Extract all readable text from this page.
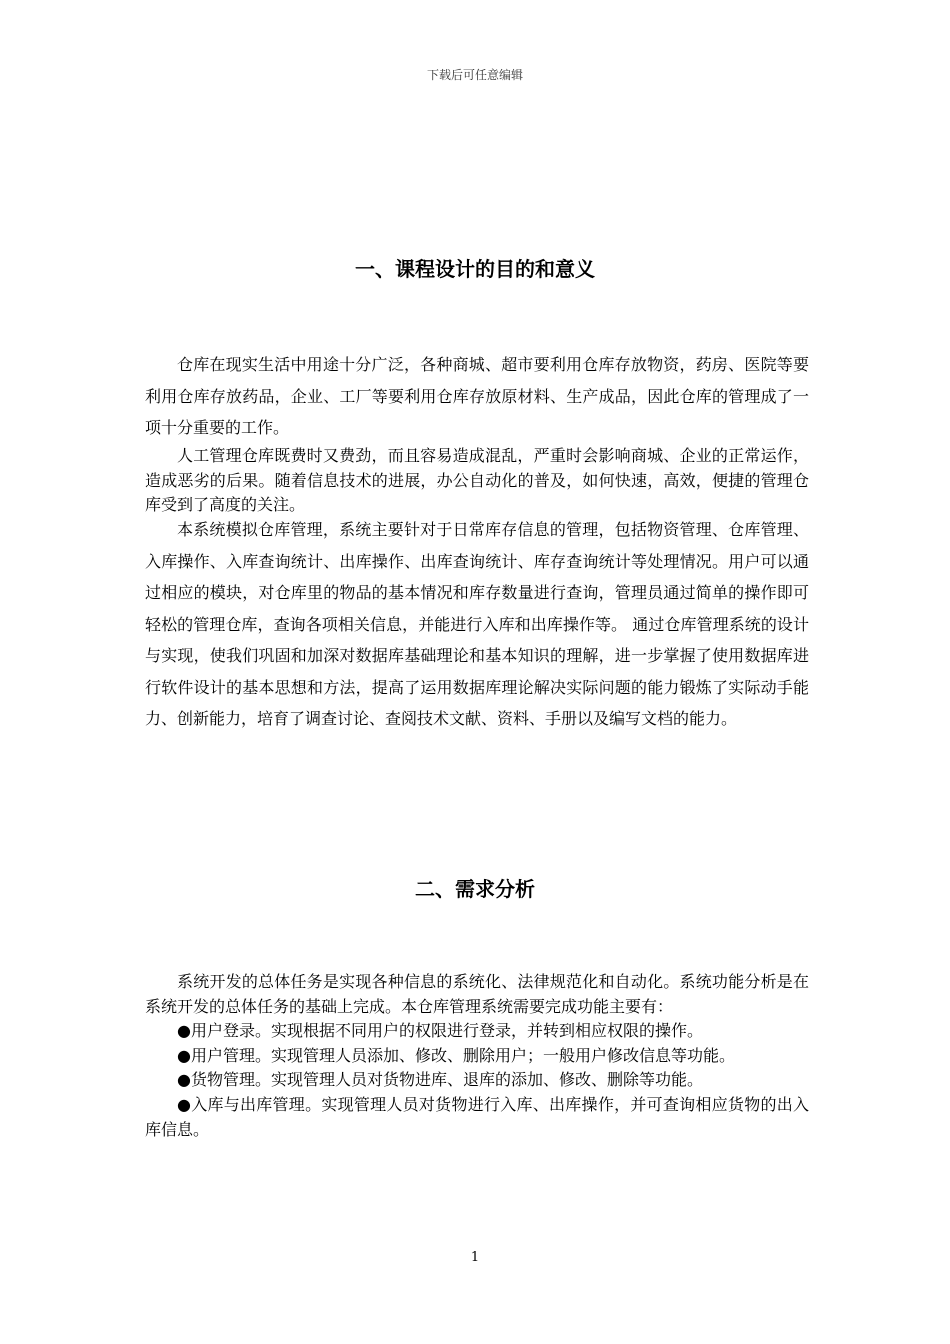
下载后可任意编辑
一、课程设计的目的和意义

仓库在现实生活中用途十分广泛，各种商城、超市要利用仓库存放物资，药房、医院等要利用仓库存放药品，企业、工厂等要利用仓库存放原材料、生产成品，因此仓库的管理成了一项十分重要的工作。

人工管理仓库既费时又费劲，而且容易造成混乱，严重时会影响商城、企业的正常运作，造成恶劣的后果。随着信息技术的进展，办公自动化的普及，如何快速，高效，便捷的管理仓库受到了高度的关注。

本系统模拟仓库管理，系统主要针对于日常库存信息的管理，包括物资管理、仓库管理、入库操作、入库查询统计、出库操作、出库查询统计、库存查询统计等处理情况。用户可以通过相应的模块，对仓库里的物品的基本情况和库存数量进行查询，管理员通过简单的操作即可轻松的管理仓库，查询各项相关信息，并能进行入库和出库操作等。 通过仓库管理系统的设计与实现，使我们巩固和加深对数据库基础理论和基本知识的理解，进一步掌握了使用数据库进行软件设计的基本思想和方法，提高了运用数据库理论解决实际问题的能力锻炼了实际动手能力、创新能力，培育了调查讨论、查阅技术文献、资料、手册以及编写文档的能力。

二、需求分析

系统开发的总体任务是实现各种信息的系统化、法律规范化和自动化。系统功能分析是在系统开发的总体任务的基础上完成。本仓库管理系统需要完成功能主要有：

●用户登录。实现根据不同用户的权限进行登录，并转到相应权限的操作。

●用户管理。实现管理人员添加、修改、删除用户；一般用户修改信息等功能。

●货物管理。实现管理人员对货物进库、退库的添加、修改、删除等功能。

●入库与出库管理。实现管理人员对货物进行入库、出库操作，并可查询相应货物的出入库信息。

1
